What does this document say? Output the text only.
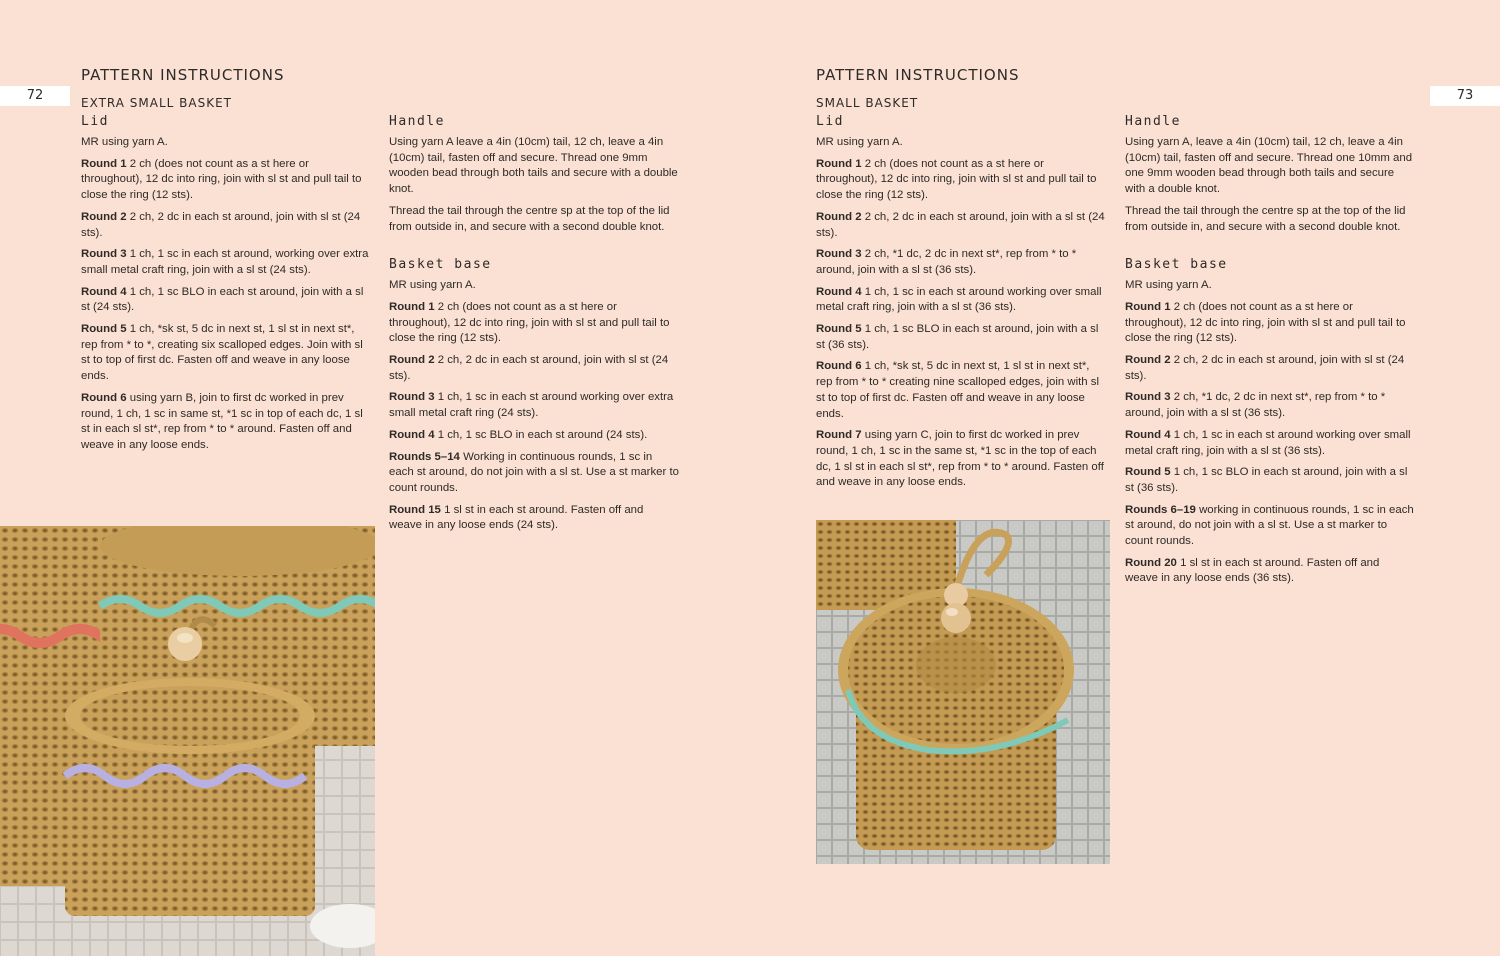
72
PATTERN INSTRUCTIONS
EXTRA SMALL BASKET
Lid

MR using yarn A.

Round 1 2 ch (does not count as a st here or throughout), 12 dc into ring, join with sl st and pull tail to close the ring (12 sts).

Round 2 2 ch, 2 dc in each st around, join with sl st (24 sts).

Round 3 1 ch, 1 sc in each st around, working over extra small metal craft ring, join with a sl st (24 sts).

Round 4 1 ch, 1 sc BLO in each st around, join with a sl st (24 sts).

Round 5 1 ch, *sk st, 5 dc in next st, 1 sl st in next st*, rep from * to *, creating six scalloped edges. Join with sl st to top of first dc. Fasten off and weave in any loose ends.

Round 6 using yarn B, join to first dc worked in prev round, 1 ch, 1 sc in same st, *1 sc in top of each dc, 1 sl st in each sl st*, rep from * to * around. Fasten off and weave in any loose ends.

Handle

Using yarn A leave a 4in (10cm) tail, 12 ch, leave a 4in (10cm) tail, fasten off and secure. Thread one 9mm wooden bead through both tails and secure with a double knot.

Thread the tail through the centre sp at the top of the lid from outside in, and secure with a second double knot.

Basket base

MR using yarn A.

Round 1 2 ch (does not count as a st here or throughout), 12 dc into ring, join with sl st and pull tail to close the ring (12 sts).

Round 2 2 ch, 2 dc in each st around, join with sl st (24 sts).

Round 3 1 ch, 1 sc in each st around working over extra small metal craft ring (24 sts).

Round 4 1 ch, 1 sc BLO in each st around (24 sts).

Rounds 5–14 Working in continuous rounds, 1 sc in each st around, do not join with a sl st. Use a st marker to count rounds.

Round 15 1 sl st in each st around. Fasten off and weave in any loose ends (24 sts).

73
PATTERN INSTRUCTIONS
SMALL BASKET
Lid

MR using yarn A.

Round 1 2 ch (does not count as a st here or throughout), 12 dc into ring, join with sl st and pull tail to close the ring (12 sts).

Round 2 2 ch, 2 dc in each st around, join with a sl st (24 sts).

Round 3 2 ch, *1 dc, 2 dc in next st*, rep from * to * around, join with a sl st (36 sts).

Round 4 1 ch, 1 sc in each st around working over small metal craft ring, join with a sl st (36 sts).

Round 5 1 ch, 1 sc BLO in each st around, join with a sl st (36 sts).

Round 6 1 ch, *sk st, 5 dc in next st, 1 sl st in next st*, rep from * to * creating nine scalloped edges, join with sl st to top of first dc. Fasten off and weave in any loose ends.

Round 7 using yarn C, join to first dc worked in prev round, 1 ch, 1 sc in the same st, *1 sc in the top of each dc, 1 sl st in each sl st*, rep from * to * around. Fasten off and weave in any loose ends.

Handle

Using yarn A, leave a 4in (10cm) tail, 12 ch, leave a 4in (10cm) tail, fasten off and secure. Thread one 10mm and one 9mm wooden bead through both tails and secure with a double knot.

Thread the tail through the centre sp at the top of the lid from outside in, and secure with a second double knot.

Basket base

MR using yarn A.

Round 1 2 ch (does not count as a st here or throughout), 12 dc into ring, join with sl st and pull tail to close the ring (12 sts).

Round 2 2 ch, 2 dc in each st around, join with sl st (24 sts).

Round 3 2 ch, *1 dc, 2 dc in next st*, rep from * to * around, join with a sl st (36 sts).

Round 4 1 ch, 1 sc in each st around working over small metal craft ring, join with a sl st (36 sts).

Round 5 1 ch, 1 sc BLO in each st around, join with a sl st (36 sts).

Rounds 6–19 working in continuous rounds, 1 sc in each st around, do not join with a sl st. Use a st marker to count rounds.

Round 20 1 sl st in each st around. Fasten off and weave in any loose ends (36 sts).
